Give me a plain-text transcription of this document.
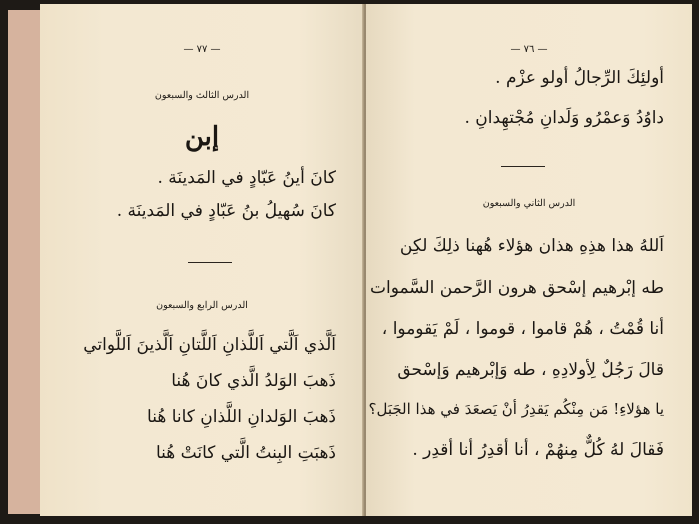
— ٧٧ —
الدرس الثالث والسبعون
إبن
كانَ أينُ عَبّادٍ في المَدينَة .
كانَ سُهيلُ بنُ عَبّادٍ في المَدينَة .
الدرس الرابع والسبعون
اَلَّذي اَلَّتي اَللَّذانِ اَللَّتانِ اَلَّذينَ اَللَّواتي
ذَهبَ الوَلدُ الَّذي كانَ هُنا
ذَهبَ الوَلدانِ اللَّذانِ كانا هُنا
ذَهبَتِ البِنتُ الَّتي كانَتْ هُنا
— ٧٦ —
أولئِكَ الرِّجالُ أولو عزْم .
داوُدُ وَعمْرُو وَلَدانِ مُجْتهِدانِ .
الدرس الثاني والسبعون
اَللهُ هذا هذِهِ هذان هؤلاء هُهنا ذلِكَ لكِن
طه إبْرهيم إسْحق هرون الرَّحمن السَّموات
أنا قُمْتُ ، هُمْ قاموا ، قوموا ، لَمْ يَقوموا ،
قالَ رَجُلٌ لِأولادِهِ ، طه وَإبْرهيم وَإسْحق
يا هؤلاءِ! مَن مِنْكُم يَقدِرُ أنْ يَصعَدَ في هذا الجَبَل؟
فَقالَ لهُ كُلٌّ مِنهُمْ ، أنا أقدِرُ أنا أقدِر .
